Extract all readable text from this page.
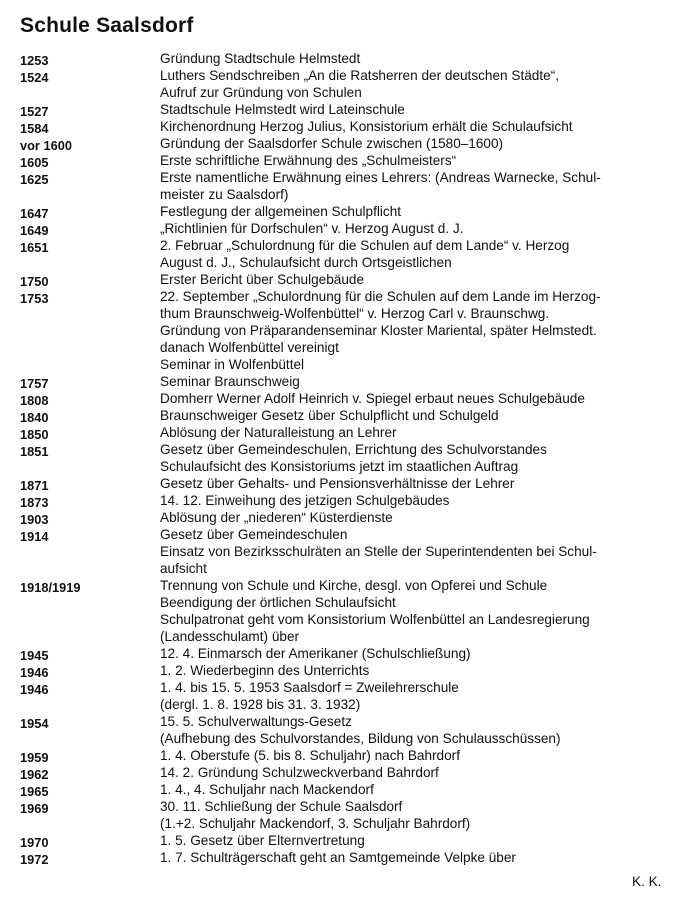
Schule Saalsdorf
1253	Gründung Stadtschule Helmstedt
1524	Luthers Sendschreiben „An die Ratsherren der deutschen Städte“,
Aufruf zur Gründung von Schulen
1527	Stadtschule Helmstedt wird Lateinschule
1584	Kirchenordnung Herzog Julius, Konsistorium erhält die Schulaufsicht
vor 1600	Gründung der Saalsdorfer Schule zwischen (1580–1600)
1605	Erste schriftliche Erwähnung des „Schulmeisters“
1625	Erste namentliche Erwähnung eines Lehrers: (Andreas Warnecke, Schul-
meister zu Saalsdorf)
1647	Festlegung der allgemeinen Schulpflicht
1649	„Richtlinien für Dorfschulen“ v. Herzog August d. J.
1651	2. Februar „Schulordnung für die Schulen auf dem Lande“ v. Herzog
August d. J., Schulaufsicht durch Ortsgeistlichen
1750	Erster Bericht über Schulgebäude
1753	22. September „Schulordnung für die Schulen auf dem Lande im Herzog-
thum Braunschweig-Wolfenbüttel“ v. Herzog Carl v. Braunschwg.
Gründung von Präparandenseminar Kloster Mariental, später Helmstedt.
danach Wolfenbüttel vereinigt
Seminar in Wolfenbüttel
1757	Seminar Braunschweig
1808	Domherr Werner Adolf Heinrich v. Spiegel erbaut neues Schulgebäude
1840	Braunschweiger Gesetz über Schulpflicht und Schulgeld
1850	Ablösung der Naturalleistung an Lehrer
1851	Gesetz über Gemeindeschulen, Errichtung des Schulvorstandes
Schulaufsicht des Konsistoriums jetzt im staatlichen Auftrag
1871	Gesetz über Gehalts- und Pensionsverhältnisse der Lehrer
1873	14. 12. Einweihung des jetzigen Schulgebäudes
1903	Ablösung der „niederen“ Küsterdienste
1914	Gesetz über Gemeindeschulen
Einsatz von Bezirksschulräten an Stelle der Superintendenten bei Schul-
aufsicht
1918/1919	Trennung von Schule und Kirche, desgl. von Opferei und Schule
Beendigung der örtlichen Schulaufsicht
Schulpatronat geht vom Konsistorium Wolfenbüttel an Landesregierung
(Landesschulamt) über
1945	12. 4. Einmarsch der Amerikaner (Schulschließung)
1946	1. 2. Wiederbeginn des Unterrichts
1946	1. 4. bis 15. 5. 1953 Saalsdorf = Zweilehrerschule
(dergl. 1. 8. 1928 bis 31. 3. 1932)
1954	15. 5. Schulverwaltungs-Gesetz
(Aufhebung des Schulvorstandes, Bildung von Schulausschüssen)
1959	1. 4. Oberstufe (5. bis 8. Schuljahr) nach Bahrdorf
1962	14. 2. Gründung Schulzweckverband Bahrdorf
1965	1. 4., 4. Schuljahr nach Mackendorf
1969	30. 11. Schließung der Schule Saalsdorf
(1.+2. Schuljahr Mackendorf, 3. Schuljahr Bahrdorf)
1970	1. 5. Gesetz über Elternvertretung
1972	1. 7. Schulträgerschaft geht an Samtgemeinde Velpke über
K. K.
